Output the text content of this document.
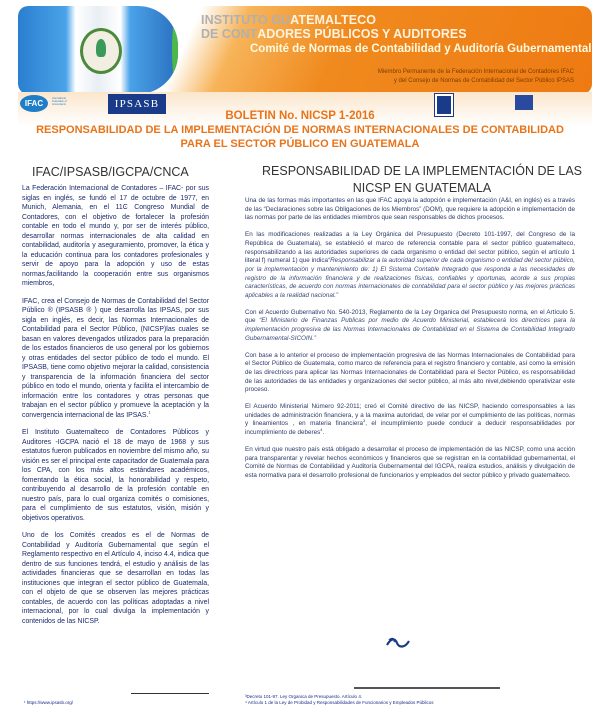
INSTITUTO GUATEMALTECO
DE CONTADORES PÚBLICOS Y AUDITORES
Comité de Normas de Contabilidad y Auditoría Gubernamental
Miembro Permanente de la Federación Internacional de Contadores IFAC
y del Consejo de Normas de Contabilidad del Sector Público IPSAS
IFAC
International Federation of Accountants	IPSASB
BOLETIN No. NICSP 1-2016
RESPONSABILIDAD DE LA IMPLEMENTACIÓN DE NORMAS INTERNACIONALES DE CONTABILIDAD
PARA EL SECTOR PÚBLICO EN GUATEMALA
IFAC/IPSASB/IGCPA/CNCA

La Federación Internacional de Contadores – IFAC- por sus siglas en inglés, se fundó el 17 de octubre de 1977, en Munich, Alemania, en el 11Ͼ Congreso Mundial de Contadores, con el objetivo de fortalecer la profesión contable en todo el mundo y, por ser de interés público, desarrollar normas internacionales de alta calidad en contabilidad, auditoría y aseguramiento, promover, la ética y la educación continua para los contadores profesionales y servir de apoyo para la adopción y uso de estas normas,facilitando la cooperación entre sus organismos miembros,

IFAC, crea el Consejo de Normas de Contabilidad del Sector Público ® (IPSASB ® ) que desarrolla las IPSAS, por sus sigla en inglés, es decir, las Normas Internacionales de Contabilidad para el Sector Público, (NICSP)las cuales se basan en valores devengados utilizados para la preparación de los estados financieros de uso general por los gobiernos y otras entidades del sector público de todo el mundo. El IPSASB, tiene como objetivo mejorar la calidad, consistencia y transparencia de la información financiera del sector público en todo el mundo, orienta y facilita el intercambio de información entre los contadores y otras personas que trabajan en el sector público y promueve la aceptación y la convergencia internacional de las IPSAS.$^1$

El Instituto Guatemalteco de Contadores Públicos y Auditores -IGCPA nació el 18 de mayo de 1968 y sus estatutos fueron publicados en noviembre del mismo año, su visión es ser el principal ente capacitador de Guatemala para los CPA, con los más altos estándares académicos, fomentando la ética social, la honorabilidad y respeto, contribuyendo al desarrollo de la profesión contable en nuestro país, para lo cual organiza comités o comisiones, para el cumplimiento de sus estatutos, visión, misión y objetivos operativos.

Uno de los Comités creados es el de Normas de Contabilidad y Auditoría Gubernamental que según el Reglamento respectivo en el Artículo 4, inciso 4.4, indica que dentro de sus funciones tendrá, el estudio y análisis de las actividades financieras que se desarrollan en todas las instituciones que integran el sector público de Guatemala, con el objeto de que se observen las mejores prácticas contables, de acuerdo con las políticas adoptadas a nivel internacional, por lo cual divulga la implementación y contenidos de las NICSP.

¹ https://www.ipsasb.org/
RESPONSABILIDAD DE LA IMPLEMENTACIÓN DE LAS NICSP EN GUATEMALA

Una de las formas más importantes en las que IFAC apoya la adopción e implementación (A&I, en inglés) es a través de las “Declaraciones sobre las Obligaciones de los Miembros” (DOM), que requiere la adopción e implementación de las normas por parte de las entidades miembros que sean responsables de dichos procesos.

En las modificaciones realizadas a la Ley Orgánica del Presupuesto (Decreto 101-1997, del Congreso de la República de Guatemala), se estableció el marco de referencia contable para el sector público guatemalteco, responsabilizando a las autoridades superiores de cada organismo o entidad del sector público, según el artículo 1 literal f) numeral 1) que indica“Responsabilizar a la autoridad superior de cada organismo o entidad del sector público, por la implementación y mantenimiento de: 1) El Sistema Contable Integrado que responda a las necesidades de registro de la información financiera y de realizaciones físicas, confiables y oportunas, acorde a sus propias características, de acuerdo con normas internacionales de contabilidad para el sector público y las mejores prácticas aplicables a la realidad nacional.”

Con el Acuerdo Gubernativo No. 540-2013, Reglamento de la Ley Organica del Presupuesto norma, en el Artículo 5. que “El Ministerio de Finanzas Publicas por medio de Acuerdo Ministerial, establecerá los directrices para la implementación progresiva de las Normas Internacionales de Contabilidad en el Sistema de Contabilidad Integrado Gubernamental-SICOIN.”

Con base a lo anterior el proceso de implementación progresiva de las Normas Internacionales de Contabilidad para el Sector Público de Guatemala, como marco de referencia para el registro financiero y contable, así como la emisión de las directrices para aplicar las Normas Internacionales de Contabilidad para el Sector Público, es responsabilidad de las autoridades de las entidades y organizaciones del sector público, al más alto nivel,debiendo operativizar este proceso.

El Acuerdo Ministerial Número 92-2011; creó el Comité directivo de las NICSP, haciendo corresponsables a las unidades de administración financiera, y a la maxima autoridad, de velar por el cumplimiento de las políticas, normas y lineamientos , en materia financiera$^3$, el incumplimiento puede conducir a deducir responsabilidades por incumplimiento de deberes$^4$.

En virtud que nuestro país está obligado a desarrollar el proceso de implementación de las NICSP, como una acción para transparentar y revelar hechos económicos y financieros que se registran en la contabilidad gubernamental, el Comité de Normas de Contabilidad y Auditoría Gubernamental del IGCPA, realiza estudios, análisis y divulgación de esta normativa para el desarrollo profesional de funcionarios y empleados del sector público y privado guatemalteco.

³Decreto 101-97. Ley Organica de Presupuesto. Artículo 4.
⁴ Artículo 1 de la Ley de Probidad y Responsabilidades de Funcionarios y Empleados Públicos
